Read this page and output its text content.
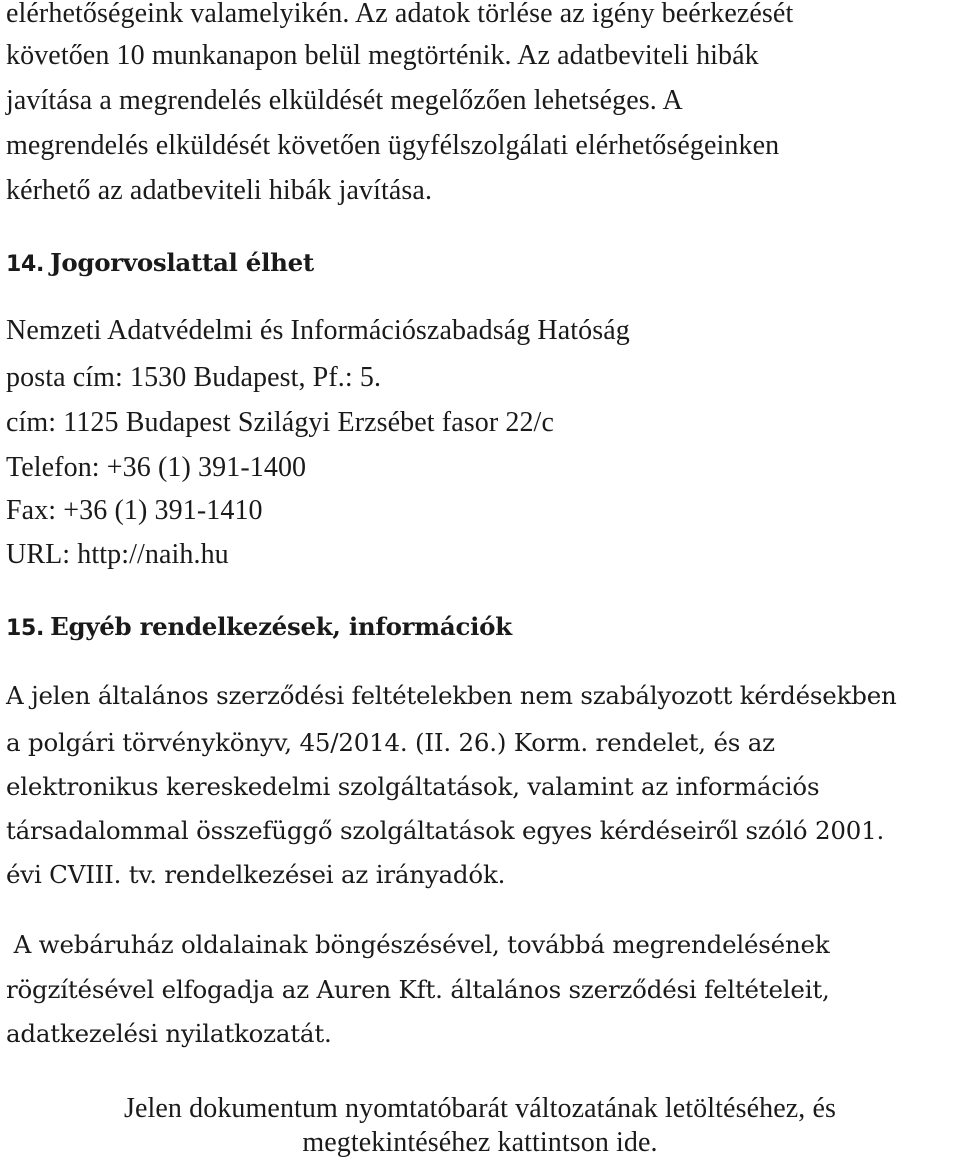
elérhetőségeink valamelyikén. Az adatok törlése az igény beérkezését
követően 10 munkanapon belül megtörténik. Az adatbeviteli hibák
javítása a megrendelés elküldését megelőzően lehetséges. A
megrendelés elküldését követően ügyfélszolgálati elérhetőségeinken
kérhető az adatbeviteli hibák javítása.
14. Jogorvoslattal élhet
Nemzeti Adatvédelmi és Információszabadság Hatóság
posta cím: 1530 Budapest, Pf.: 5.
cím: 1125 Budapest Szilágyi Erzsébet fasor 22/c
Telefon: +36 (1) 391-1400
Fax: +36 (1) 391-1410
URL: http://naih.hu
15. Egyéb rendelkezések, információk
A jelen általános szerződési feltételekben nem szabályozott kérdésekben
a polgári törvénykönyv, 45/2014. (II. 26.) Korm. rendelet, és az
elektronikus kereskedelmi szolgáltatások, valamint az információs
társadalommal összefüggő szolgáltatások egyes kérdéseiről szóló 2001.
évi CVIII. tv. rendelkezései az irányadók.
A webáruház oldalainak böngészésével, továbbá megrendelésének
rögzítésével elfogadja az Auren Kft. általános szerződési feltételeit,
adatkezelési nyilatkozatát.
Jelen dokumentum nyomtatóbarát változatának letöltéséhez, és
megtekintéséhez kattintson ide.
